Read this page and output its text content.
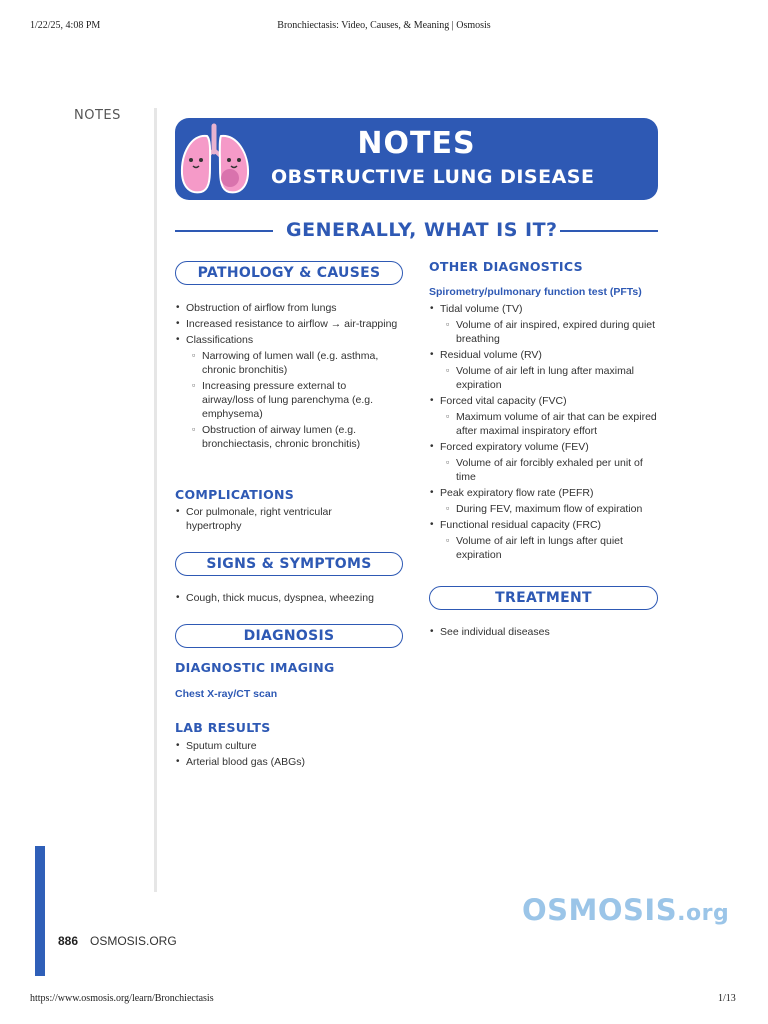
1/22/25, 4:08 PM	Bronchiectasis: Video, Causes, & Meaning | Osmosis
NOTES
NOTES
OBSTRUCTIVE LUNG DISEASE
GENERALLY, WHAT IS IT?
PATHOLOGY & CAUSES
• Obstruction of airflow from lungs
• Increased resistance to airflow → air-trapping
• Classifications
▫ Narrowing of lumen wall (e.g. asthma, chronic bronchitis)
▫ Increasing pressure external to airway/loss of lung parenchyma (e.g. emphysema)
▫ Obstruction of airway lumen (e.g. bronchiectasis, chronic bronchitis)
COMPLICATIONS
• Cor pulmonale, right ventricular hypertrophy
SIGNS & SYMPTOMS
• Cough, thick mucus, dyspnea, wheezing
DIAGNOSIS
DIAGNOSTIC IMAGING
Chest X-ray/CT scan
LAB RESULTS
• Sputum culture
• Arterial blood gas (ABGs)
OTHER DIAGNOSTICS
Spirometry/pulmonary function test (PFTs)
• Tidal volume (TV)
▫ Volume of air inspired, expired during quiet breathing
• Residual volume (RV)
▫ Volume of air left in lung after maximal expiration
• Forced vital capacity (FVC)
▫ Maximum volume of air that can be expired after maximal inspiratory effort
• Forced expiratory volume (FEV)
▫ Volume of air forcibly exhaled per unit of time
• Peak expiratory flow rate (PEFR)
▫ During FEV, maximum flow of expiration
• Functional residual capacity (FRC)
▫ Volume of air left in lungs after quiet expiration
TREATMENT
• See individual diseases
886 OSMOSIS.ORG
OSMOSIS.org
https://www.osmosis.org/learn/Bronchiectasis	1/13
